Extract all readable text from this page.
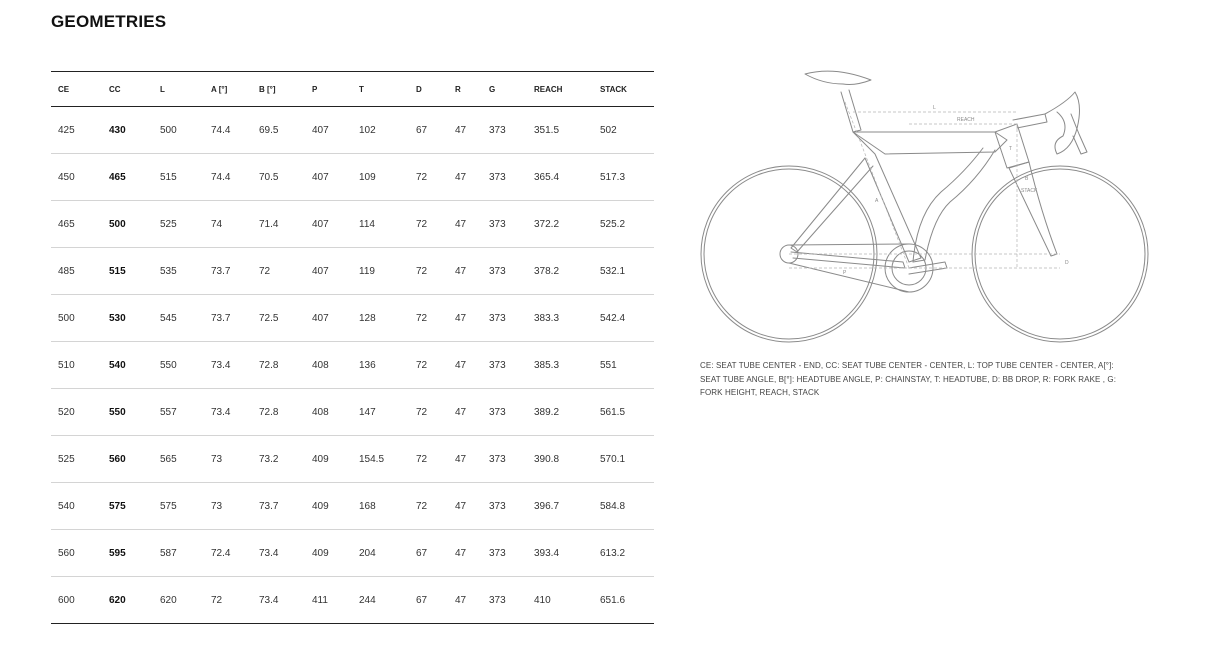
GEOMETRIES
CE	CC	L	A [°]	B [°]	P	T	D	R	G	REACH	STACK
425	430	500	74.4	69.5	407	102	67	47	373	351.5	502
450	465	515	74.4	70.5	407	109	72	47	373	365.4	517.3
465	500	525	74	71.4	407	114	72	47	373	372.2	525.2
485	515	535	73.7	72	407	119	72	47	373	378.2	532.1
500	530	545	73.7	72.5	407	128	72	47	373	383.3	542.4
510	540	550	73.4	72.8	408	136	72	47	373	385.3	551
520	550	557	73.4	72.8	408	147	72	47	373	389.2	561.5
525	560	565	73	73.2	409	154.5	72	47	373	390.8	570.1
540	575	575	73	73.7	409	168	72	47	373	396.7	584.8
560	595	587	72.4	73.4	409	204	67	47	373	393.4	613.2
600	620	620	72	73.4	411	244	67	47	373	410	651.6
L
REACH
STACK
A
B
T
P
D
CE: SEAT TUBE CENTER - END, CC: SEAT TUBE CENTER - CENTER, L: TOP TUBE CENTER - CENTER, A[°]: SEAT TUBE ANGLE, B[°]: HEADTUBE ANGLE, P: CHAINSTAY, T: HEADTUBE, D: BB DROP, R: FORK RAKE , G: FORK HEIGHT, REACH, STACK
